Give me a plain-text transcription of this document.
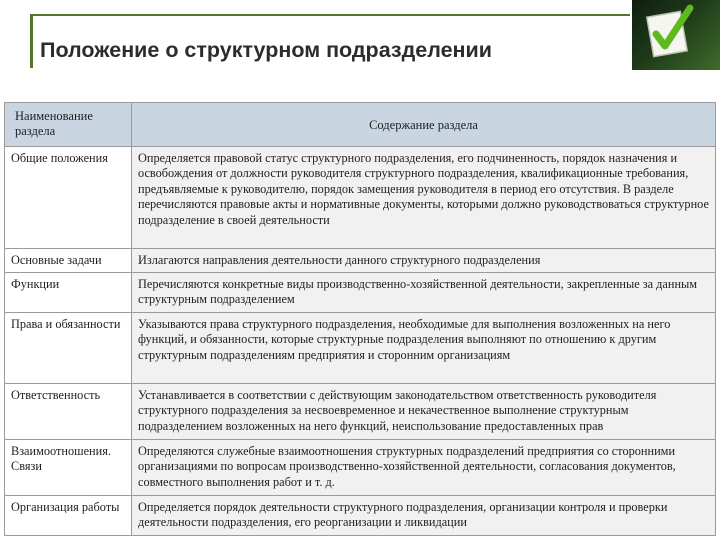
Положение о структурном подразделении
Наименование раздела	Содержание раздела
Общие положения	Определяется правовой статус структурного подразделения, его подчиненность, порядок назначения и освобождения от должности руководителя структурного подразделения, квалификационные требования, предъявляемые к руководителю, порядок замещения руководителя в период его отсутствия. В разделе перечисляются правовые акты и нормативные документы, которыми должно руководствоваться структурное подразделение в своей деятельности
Основные задачи	Излагаются направления деятельности данного структурного подразделения
Функции	Перечисляются конкретные виды производственно-хозяйственной деятельности, закрепленные за данным структурным подразделением
Права и обязанности	Указываются права структурного подразделения, необходимые для выполнения возложенных на него функций, и обязанности, которые структурные подразделения выполняют по отношению к другим структурным подразделениям предприятия и сторонним организациям
Ответственность	Устанавливается в соответствии с действующим законодательством ответственность руководителя структурного подразделения за несвоевременное и некачественное выполнение структурным подразделением возложенных на него функций, неиспользование предоставленных прав
Взаимоотношения. Связи	Определяются служебные взаимоотношения структурных подразделений предприятия со сторонними организациями по вопросам производственно-хозяйственной деятельности, согласования документов, совместного выполнения работ и т. д.
Организация работы	Определяется порядок деятельности структурного подразделения, организации контроля и проверки деятельности подразделения, его реорганизации и ликвидации
